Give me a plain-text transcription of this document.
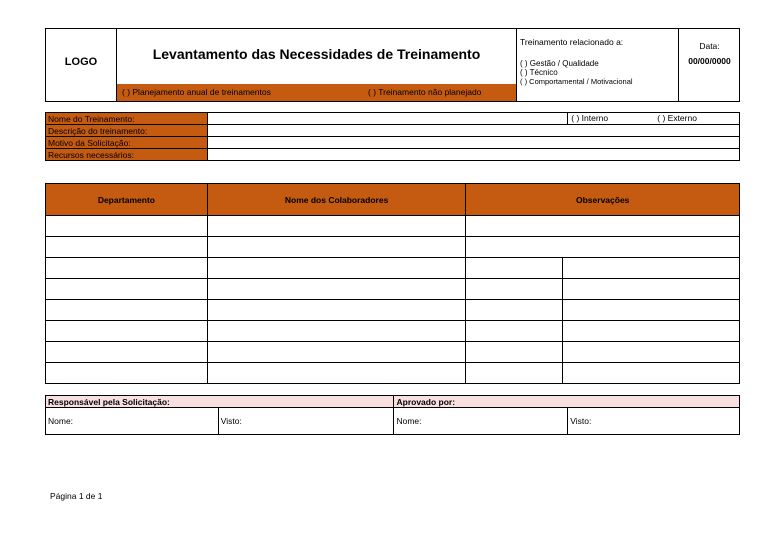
LOGO	Levantamento das Necessidades de Treinamento
( ) Planejamento anual de treinamentos	( ) Treinamento não planejado
Treinamento relacionado a:
( ) Gestão / Qualidade
( ) Técnico
( ) Comportamental / Motivacional
Data:
00/00/0000
Nome do Treinamento:		( ) Interno ( ) Externo

Descrição do treinamento:		
Motivo da Solicitação:		
Recursos necessários:		
Departamento	Nome dos Colaboradores	Observações	

Responsável pela Solicitação:		Aprovado por:	
Nome:	Visto:	Nome:	Visto:
Página 1 de 1
